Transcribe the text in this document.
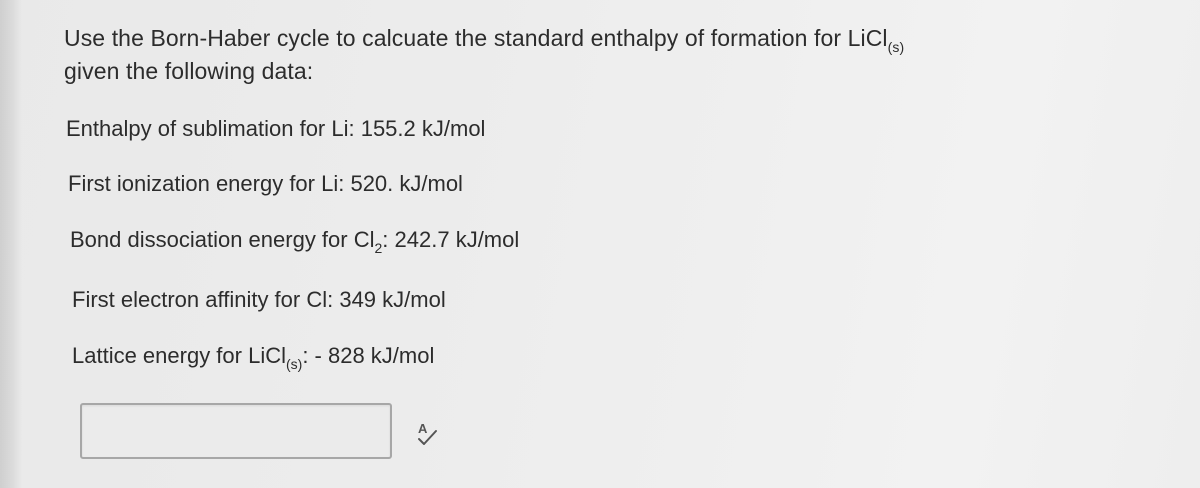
Use the Born-Haber cycle to calcuate the standard enthalpy of formation for LiCl$_{(s)}$
given the following data:
Enthalpy of sublimation for Li: 155.2 kJ/mol
First ionization energy for Li: 520. kJ/mol
Bond dissociation energy for $Cl_2$: 242.7 kJ/mol
First electron affinity for Cl: 349 kJ/mol
Lattice energy for LiCl$_{(s)}$: - 828 kJ/mol
A
